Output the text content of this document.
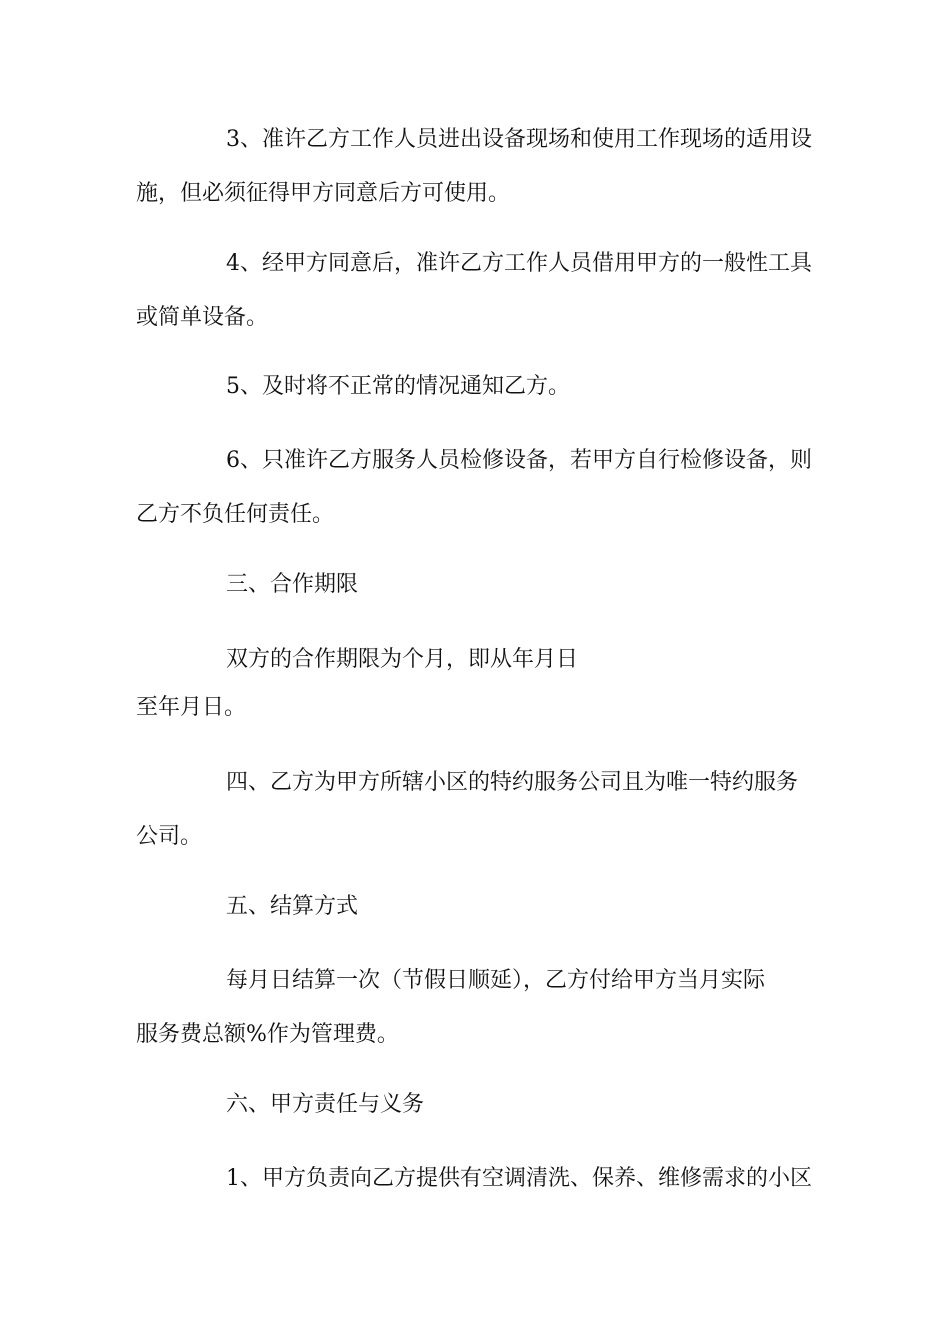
3、准许乙方工作人员进出设备现场和使用工作现场的适用设
施，但必须征得甲方同意后方可使用。

4、经甲方同意后，准许乙方工作人员借用甲方的一般性工具
或简单设备。

5、及时将不正常的情况通知乙方。

6、只准许乙方服务人员检修设备，若甲方自行检修设备，则
乙方不负任何责任。

三、合作期限

双方的合作期限为个月，即从年月日
至年月日。

四、乙方为甲方所辖小区的特约服务公司且为唯一特约服务
公司。

五、结算方式

每月日结算一次（节假日顺延），乙方付给甲方当月实际
服务费总额%作为管理费。

六、甲方责任与义务

1、甲方负责向乙方提供有空调清洗、保养、维修需求的小区
